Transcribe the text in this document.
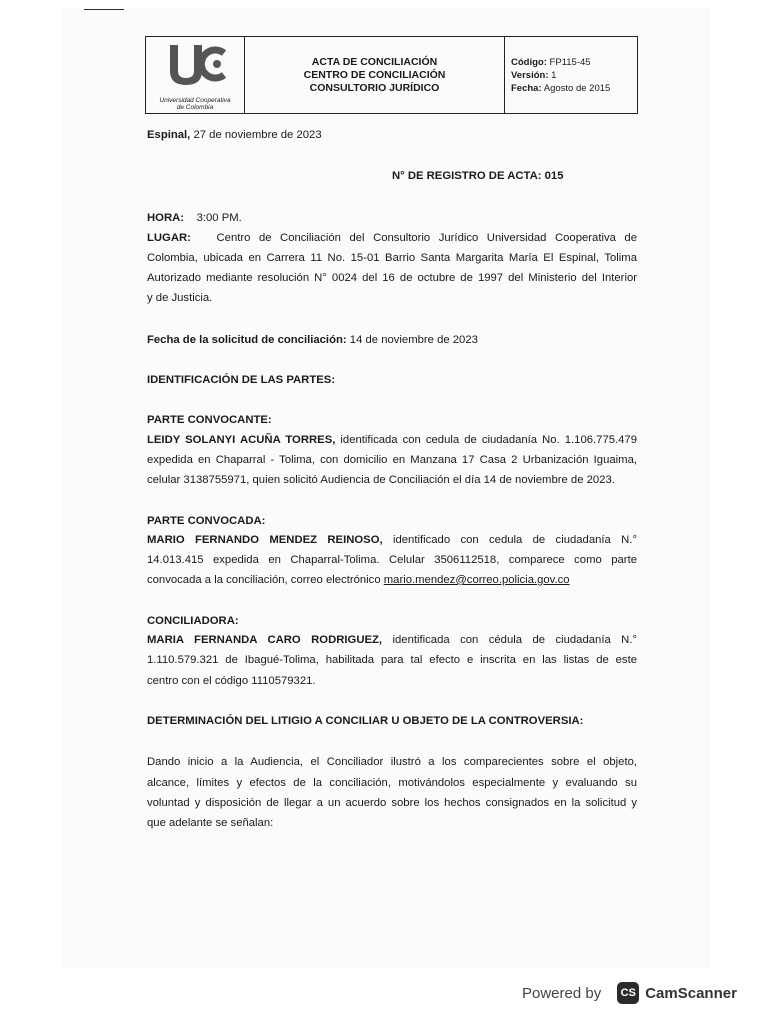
Universidad Cooperativa
de Colombia
ACTA DE CONCILIACIÓN
CENTRO DE CONCILIACIÓN
CONSULTORIO JURÍDICO
Código: FP115-45
Versión: 1
Fecha: Agosto de 2015
Espinal, 27 de noviembre de 2023
N° DE REGISTRO DE ACTA: 015
HORA: 3:00 PM.
LUGAR: Centro de Conciliación del Consultorio Jurídico Universidad Cooperativa de
Colombia, ubicada en Carrera 11 No. 15-01 Barrio Santa Margarita María El Espinal, Tolima
Autorizado mediante resolución N° 0024 del 16 de octubre de 1997 del Ministerio del Interior
y de Justicia.
Fecha de la solicitud de conciliación: 14 de noviembre de 2023
IDENTIFICACIÓN DE LAS PARTES:
PARTE CONVOCANTE:
LEIDY SOLANYI ACUÑA TORRES, identificada con cedula de ciudadanía No. 1.106.775.479
expedida en Chaparral - Tolima, con domicilio en Manzana 17 Casa 2 Urbanización Iguaima,
celular 3138755971, quien solicitó Audiencia de Conciliación el día 14 de noviembre de 2023.
PARTE CONVOCADA:
MARIO FERNANDO MENDEZ REINOSO, identificado con cedula de ciudadanía N.°
14.013.415 expedida en Chaparral-Tolima. Celular 3506112518, comparece como parte
convocada a la conciliación, correo electrónico mario.mendez@correo.policia.gov.co
CONCILIADORA:
MARIA FERNANDA CARO RODRIGUEZ, identificada con cédula de ciudadanía N.°
1.110.579.321 de Ibagué-Tolima, habilitada para tal efecto e inscrita en las listas de este
centro con el código 1110579321.
DETERMINACIÓN DEL LITIGIO A CONCILIAR U OBJETO DE LA CONTROVERSIA:
Dando inicio a la Audiencia, el Conciliador ilustró a los comparecientes sobre el objeto,
alcance, límites y efectos de la conciliación, motivándolos especialmente y evaluando su
voluntad y disposición de llegar a un acuerdo sobre los hechos consignados en la solicitud y
que adelante se señalan:
Powered by	CS CamScanner
